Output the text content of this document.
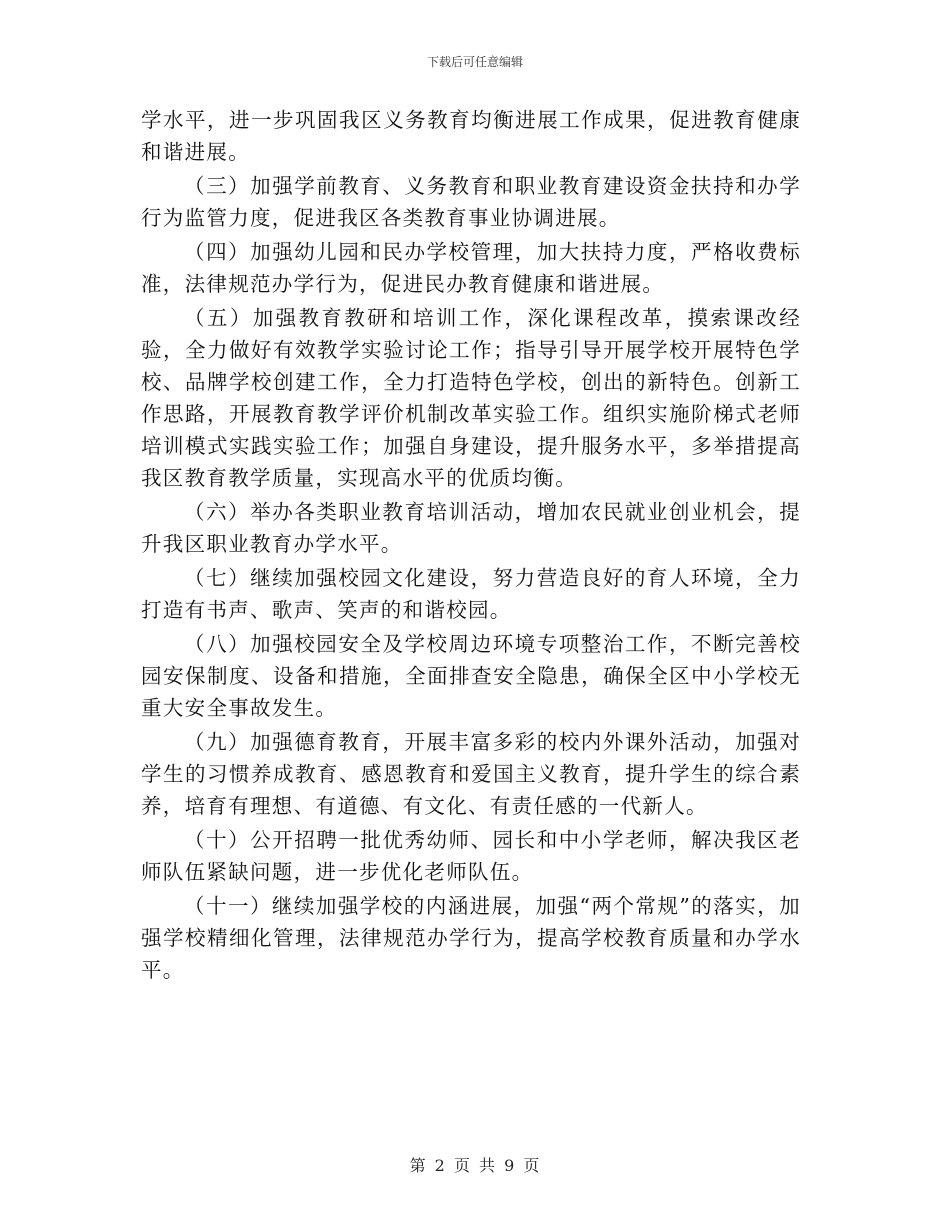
下载后可任意编辑

学水平，进一步巩固我区义务教育均衡进展工作成果，促进教育健康和谐进展。

（三）加强学前教育、义务教育和职业教育建设资金扶持和办学行为监管力度，促进我区各类教育事业协调进展。

（四）加强幼儿园和民办学校管理，加大扶持力度，严格收费标准，法律规范办学行为，促进民办教育健康和谐进展。

（五）加强教育教研和培训工作，深化课程改革，摸索课改经验，全力做好有效教学实验讨论工作；指导引导开展学校开展特色学校、品牌学校创建工作，全力打造特色学校，创出的新特色。创新工作思路，开展教育教学评价机制改革实验工作。组织实施阶梯式老师培训模式实践实验工作；加强自身建设，提升服务水平，多举措提高我区教育教学质量，实现高水平的优质均衡。

（六）举办各类职业教育培训活动，增加农民就业创业机会，提升我区职业教育办学水平。

（七）继续加强校园文化建设，努力营造良好的育人环境，全力打造有书声、歌声、笑声的和谐校园。

（八）加强校园安全及学校周边环境专项整治工作，不断完善校园安保制度、设备和措施，全面排查安全隐患，确保全区中小学校无重大安全事故发生。

（九）加强德育教育，开展丰富多彩的校内外课外活动，加强对学生的习惯养成教育、感恩教育和爱国主义教育，提升学生的综合素养，培育有理想、有道德、有文化、有责任感的一代新人。

（十）公开招聘一批优秀幼师、园长和中小学老师，解决我区老师队伍紧缺问题，进一步优化老师队伍。

（十一）继续加强学校的内涵进展，加强“两个常规”的落实，加强学校精细化管理，法律规范办学行为，提高学校教育质量和办学水平。

第 2 页 共 9 页
